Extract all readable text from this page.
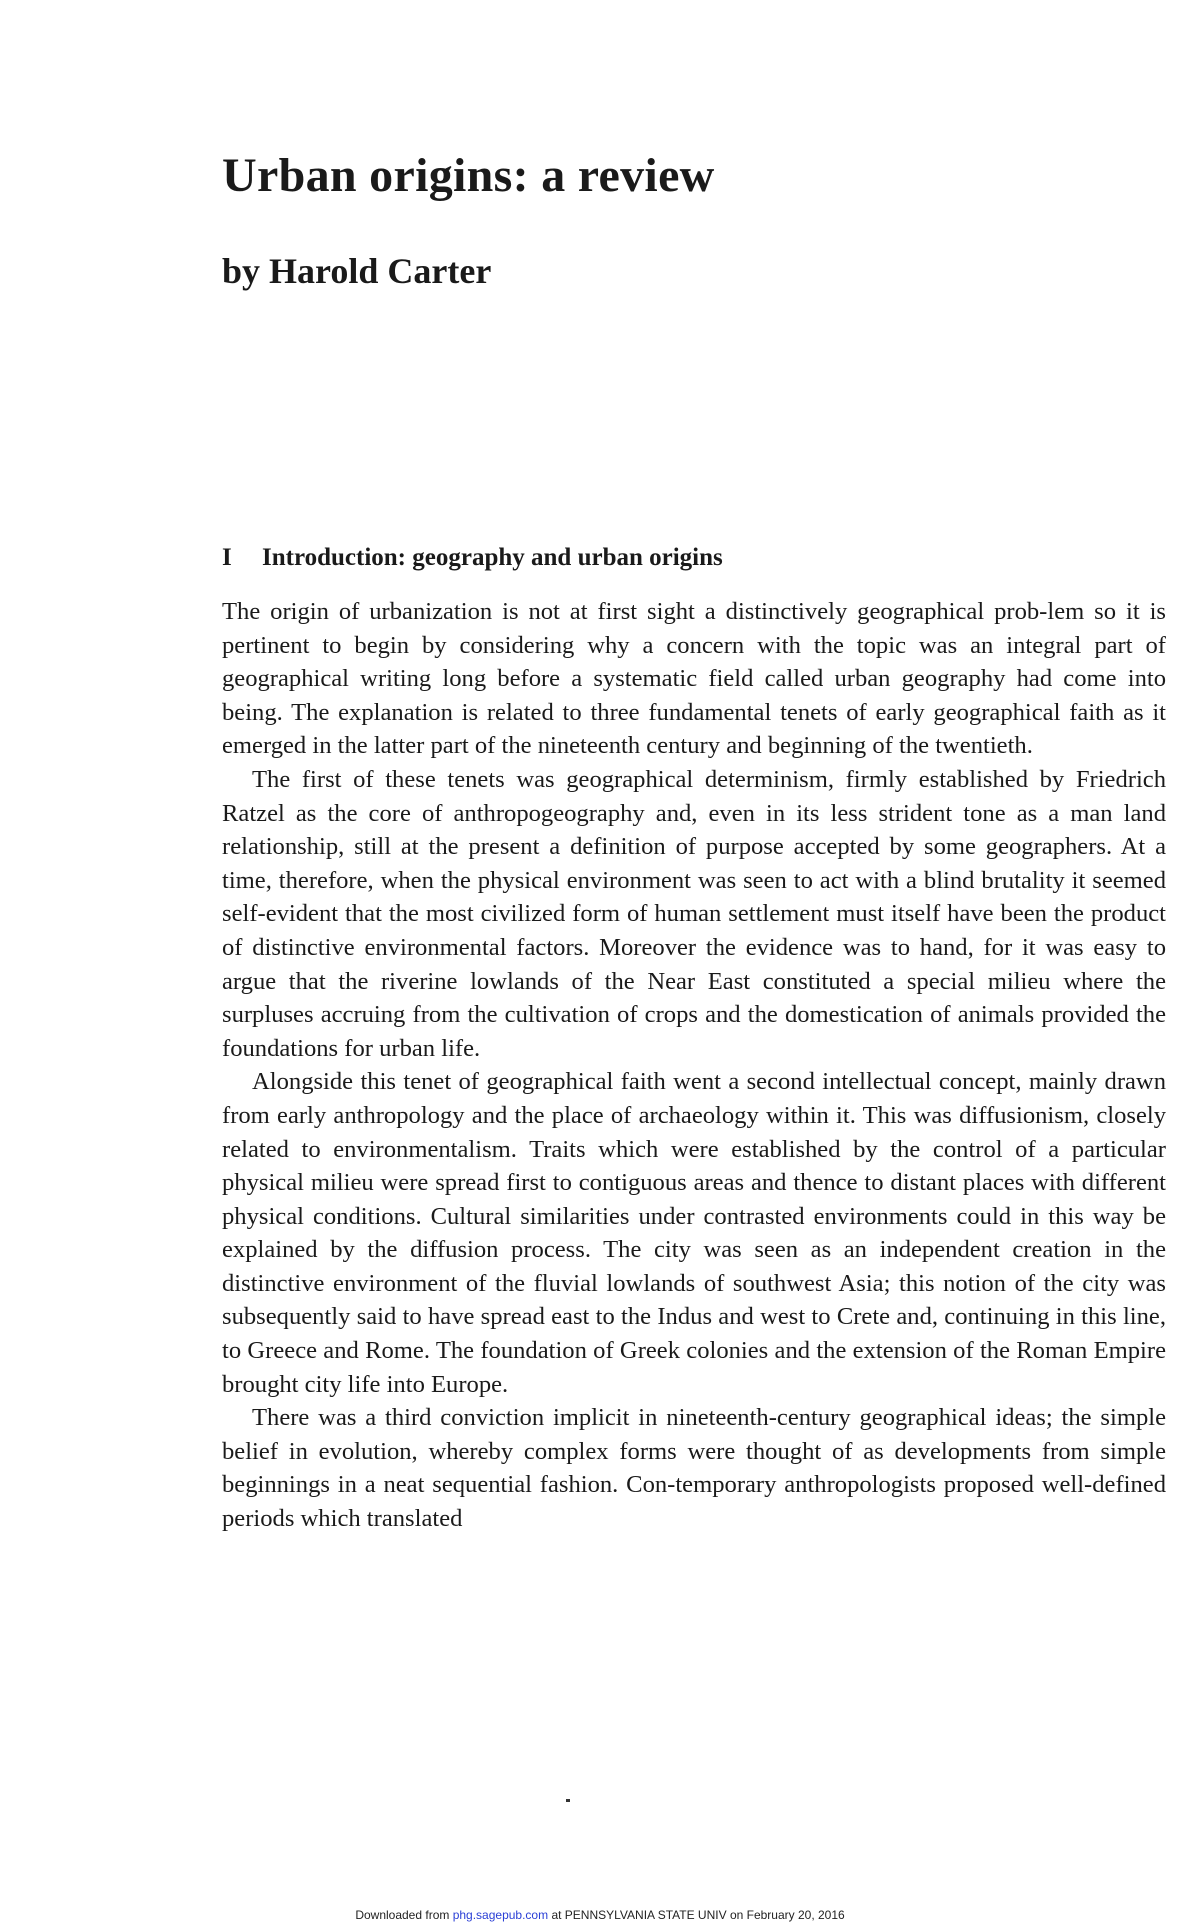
Urban origins: a review
by Harold Carter
I Introduction: geography and urban origins

The origin of urbanization is not at first sight a distinctively geographical prob-lem so it is pertinent to begin by considering why a concern with the topic was an integral part of geographical writing long before a systematic field called urban geography had come into being. The explanation is related to three fundamental tenets of early geographical faith as it emerged in the latter part of the nineteenth century and beginning of the twentieth.

The first of these tenets was geographical determinism, firmly established by Friedrich Ratzel as the core of anthropogeography and, even in its less strident tone as a man land relationship, still at the present a definition of purpose accepted by some geographers. At a time, therefore, when the physical environment was seen to act with a blind brutality it seemed self-evident that the most civilized form of human settlement must itself have been the product of distinctive environmental factors. Moreover the evidence was to hand, for it was easy to argue that the riverine lowlands of the Near East constituted a special milieu where the surpluses accruing from the cultivation of crops and the domestication of animals provided the foundations for urban life.

Alongside this tenet of geographical faith went a second intellectual concept, mainly drawn from early anthropology and the place of archaeology within it. This was diffusionism, closely related to environmentalism. Traits which were established by the control of a particular physical milieu were spread first to contiguous areas and thence to distant places with different physical conditions. Cultural similarities under contrasted environments could in this way be explained by the diffusion process. The city was seen as an independent creation in the distinctive environment of the fluvial lowlands of southwest Asia; this notion of the city was subsequently said to have spread east to the Indus and west to Crete and, continuing in this line, to Greece and Rome. The foundation of Greek colonies and the extension of the Roman Empire brought city life into Europe.

There was a third conviction implicit in nineteenth-century geographical ideas; the simple belief in evolution, whereby complex forms were thought of as developments from simple beginnings in a neat sequential fashion. Con-temporary anthropologists proposed well-defined periods which translated

Downloaded from phg.sagepub.com at PENNSYLVANIA STATE UNIV on February 20, 2016
